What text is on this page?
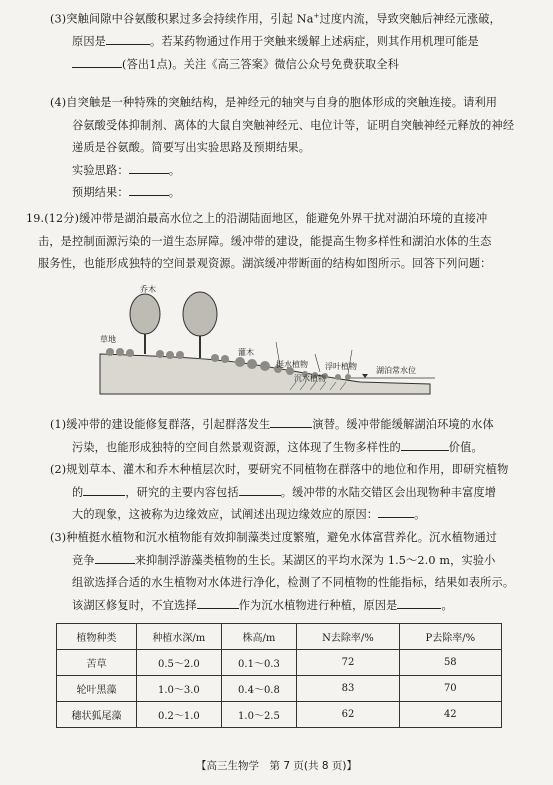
(3)突触间隙中谷氨酸积累过多会持续作用，引起 Na+过度内流，导致突触后神经元涨破，

原因是	。若某药物通过作用于突触来缓解上述病症，则其作用机理可能是

(答出1点)。关注《高三答案》微信公众号免费获取全科

(4)自突触是一种特殊的突触结构，是神经元的轴突与自身的胞体形成的突触连接。请利用

谷氨酸受体抑制剂、离体的大鼠自突触神经元、电位计等，证明自突触神经元释放的神经

递质是谷氨酸。简要写出实验思路及预期结果。

实验思路：	。

预期结果：	。

19.(12分)缓冲带是湖泊最高水位之上的沿湖陆面地区，能避免外界干扰对湖泊环境的直接冲

击，是控制面源污染的一道生态屏障。缓冲带的建设，能提高生物多样性和湖泊水体的生态

服务性，也能形成独特的空间景观资源。湖滨缓冲带断面的结构如图所示。回答下列问题：

乔木
草地
灌木
挺水植物 浮叶植物
沉水植物
湖泊常水位

(1)缓冲带的建设能修复群落，引起群落发生	演替。缓冲带能缓解湖泊环境的水体

污染，也能形成独特的空间自然景观资源，这体现了生物多样性的	价值。

(2)规划草本、灌木和乔木种植层次时，要研究不同植物在群落中的地位和作用，即研究植物

的	，研究的主要内容包括	。缓冲带的水陆交错区会出现物种丰富度增

大的现象，这被称为边缘效应，试阐述出现边缘效应的原因：	。

(3)种植挺水植物和沉水植物能有效抑制藻类过度繁殖，避免水体富营养化。沉水植物通过

竞争	来抑制浮游藻类植物的生长。某湖区的平均水深为 1.5～2.0 m，实验小

组欲选择合适的水生植物对水体进行净化，检测了不同植物的性能指标，结果如表所示。

该湖区修复时，不宜选择	作为沉水植物进行种植，原因是	。

植物种类	种植水深/m	株高/m	N去除率/%	P去除率/%
苦草	0.5～2.0	0.1～0.3	72	58
轮叶黑藻	1.0～3.0	0.4～0.8	83	70
穗状狐尾藻	0.2～1.0	1.0～2.5	62	42
【高三生物学　第 7 页(共 8 页)】
